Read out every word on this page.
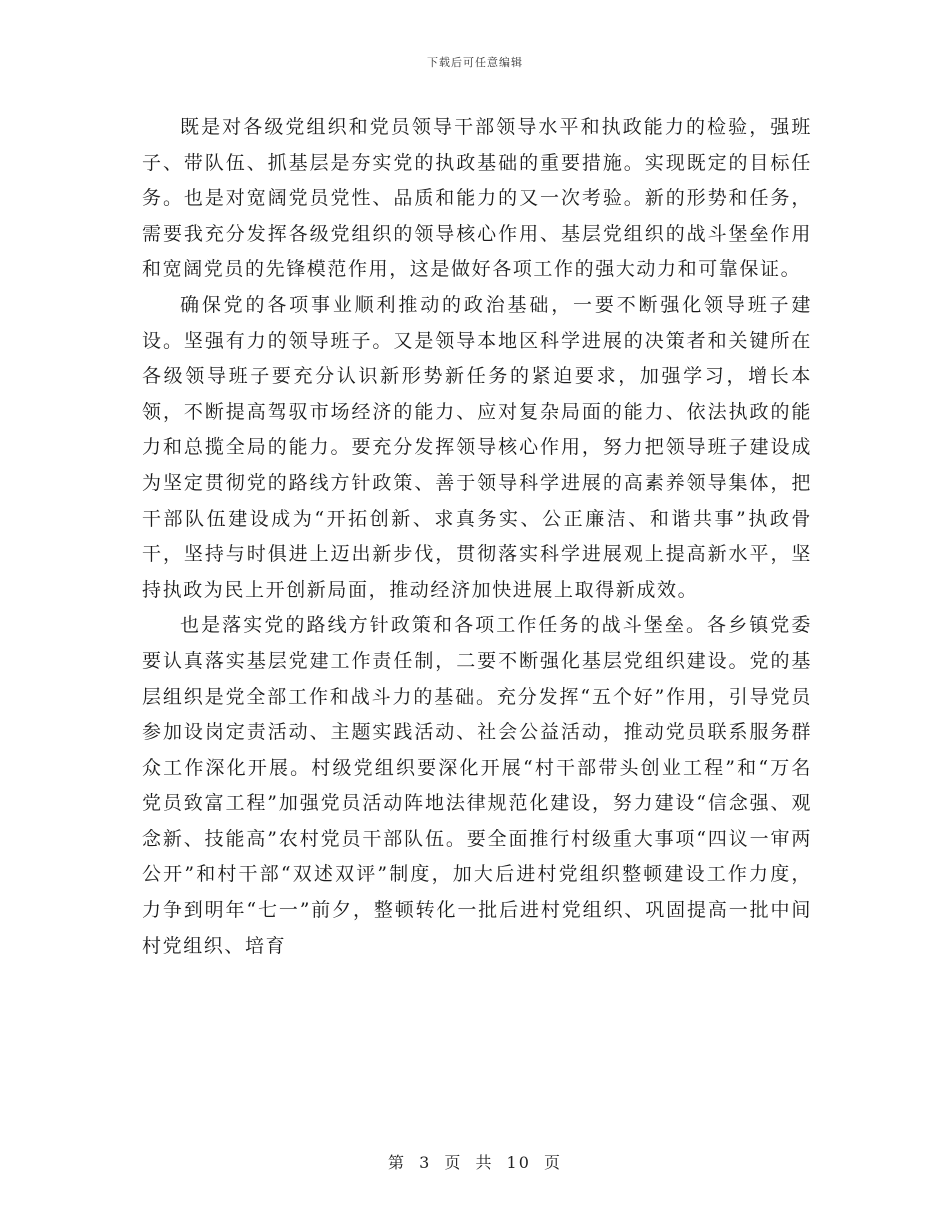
下载后可任意编辑

既是对各级党组织和党员领导干部领导水平和执政能力的检验，强班子、带队伍、抓基层是夯实党的执政基础的重要措施。实现既定的目标任务。也是对宽阔党员党性、品质和能力的又一次考验。新的形势和任务，需要我充分发挥各级党组织的领导核心作用、基层党组织的战斗堡垒作用和宽阔党员的先锋模范作用，这是做好各项工作的强大动力和可靠保证。

确保党的各项事业顺利推动的政治基础，一要不断强化领导班子建设。坚强有力的领导班子。又是领导本地区科学进展的决策者和关键所在各级领导班子要充分认识新形势新任务的紧迫要求，加强学习，增长本领，不断提高驾驭市场经济的能力、应对复杂局面的能力、依法执政的能力和总揽全局的能力。要充分发挥领导核心作用，努力把领导班子建设成为坚定贯彻党的路线方针政策、善于领导科学进展的高素养领导集体，把干部队伍建设成为“开拓创新、求真务实、公正廉洁、和谐共事”执政骨干，坚持与时俱进上迈出新步伐，贯彻落实科学进展观上提高新水平，坚持执政为民上开创新局面，推动经济加快进展上取得新成效。

也是落实党的路线方针政策和各项工作任务的战斗堡垒。各乡镇党委要认真落实基层党建工作责任制，二要不断强化基层党组织建设。党的基层组织是党全部工作和战斗力的基础。充分发挥“五个好”作用，引导党员参加设岗定责活动、主题实践活动、社会公益活动，推动党员联系服务群众工作深化开展。村级党组织要深化开展“村干部带头创业工程”和“万名党员致富工程”加强党员活动阵地法律规范化建设，努力建设“信念强、观念新、技能高”农村党员干部队伍。要全面推行村级重大事项“四议一审两公开”和村干部“双述双评”制度，加大后进村党组织整顿建设工作力度，力争到明年“七一”前夕，整顿转化一批后进村党组织、巩固提高一批中间村党组织、培育

第 3 页 共 10 页
